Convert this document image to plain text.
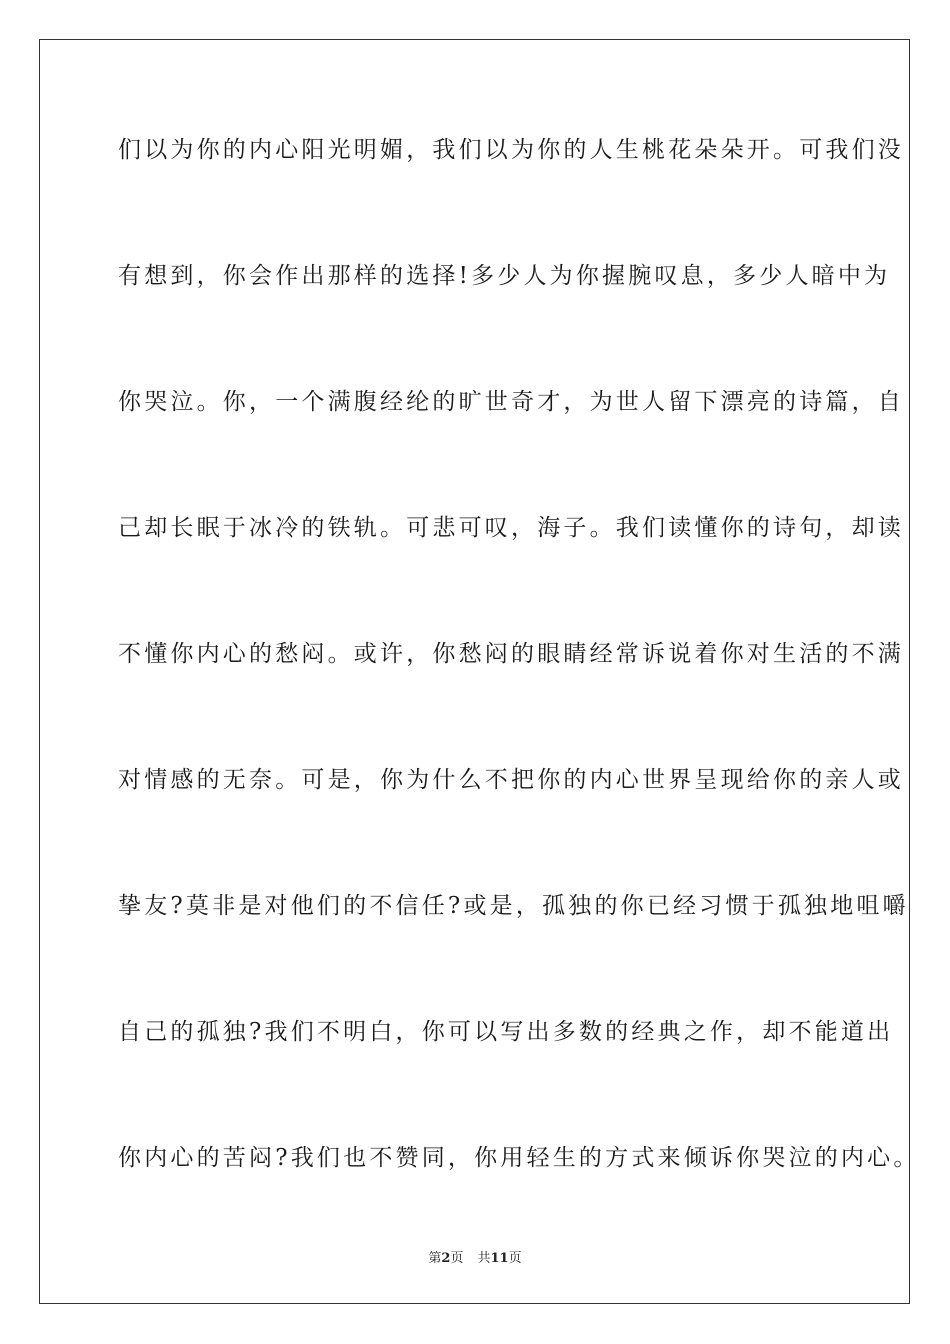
们以为你的内心阳光明媚，我们以为你的人生桃花朵朵开。可我们没
有想到，你会作出那样的选择!多少人为你握腕叹息，多少人暗中为
你哭泣。你，一个满腹经纶的旷世奇才，为世人留下漂亮的诗篇，自
己却长眠于冰冷的铁轨。可悲可叹，海子。我们读懂你的诗句，却读
不懂你内心的愁闷。或许，你愁闷的眼睛经常诉说着你对生活的不满
对情感的无奈。可是，你为什么不把你的内心世界呈现给你的亲人或
挚友?莫非是对他们的不信任?或是，孤独的你已经习惯于孤独地咀嚼
自己的孤独?我们不明白，你可以写出多数的经典之作，却不能道出
你内心的苦闷?我们也不赞同，你用轻生的方式来倾诉你哭泣的内心。
第2页 共11页
